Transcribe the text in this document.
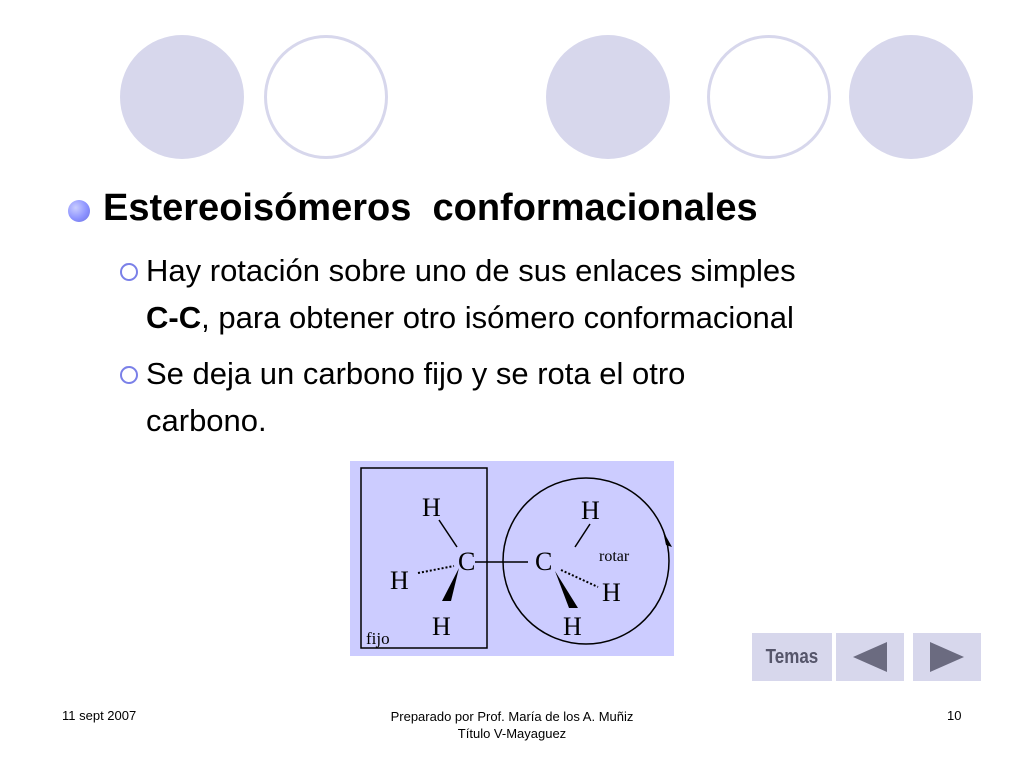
Estereoisómeros  conformacionales
Hay rotación sobre uno de sus enlaces simples
C-C, para obtener otro isómero conformacional
Se deja un carbono fijo y se rota el otro
carbono.
H
C
H
H
H
C
H
H
rotar
fijo
Temas
11 sept 2007	Preparado por Prof. María de los A. Muñiz
Título V-Mayaguez
10
